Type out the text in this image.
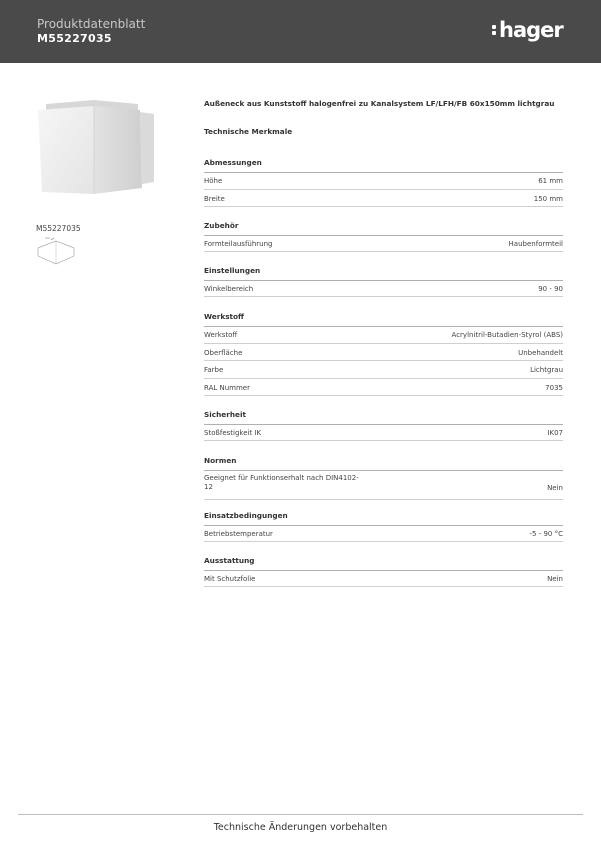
Produktdatenblatt
M55227035	hager
M55227035
Außeneck aus Kunststoff halogenfrei zu Kanalsystem LF/LFH/FB 60x150mm lichtgrau
Technische Merkmale
Abmessungen
Höhe	61 mm
Breite	150 mm
Zubehör
Formteilausführung	Haubenformteil
Einstellungen
Winkelbereich	90 - 90
Werkstoff
Werkstoff	Acrylnitril-Butadien-Styrol (ABS)
Oberfläche	Unbehandelt
Farbe	Lichtgrau
RAL Nummer	7035
Sicherheit
Stoßfestigkeit IK	IK07
Normen
Geeignet für Funktionserhalt nach DIN4102-
12	Nein
Einsatzbedingungen
Betriebstemperatur	-5 - 90 °C
Ausstattung
Mit Schutzfolie	Nein
Technische Änderungen vorbehalten
